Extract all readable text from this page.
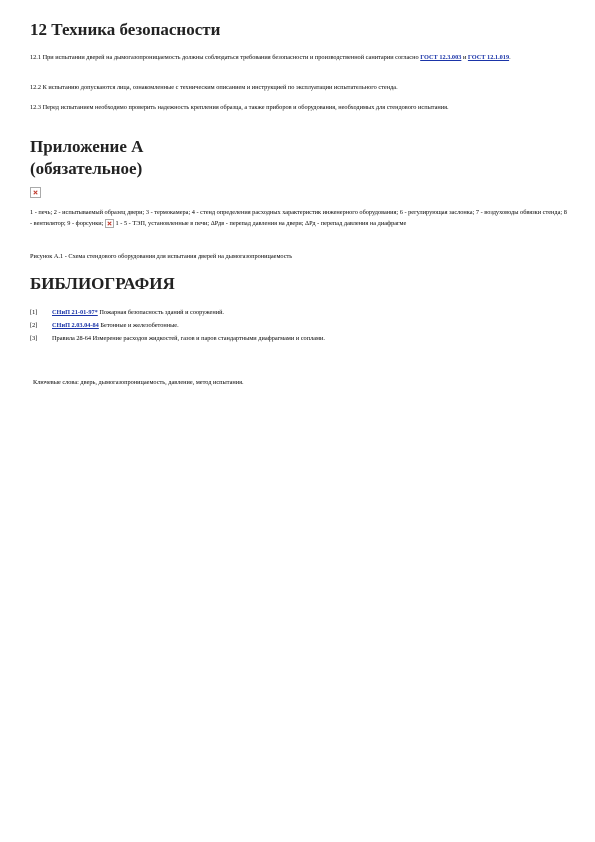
12 Техника безопасности

12.1 При испытании дверей на дымогазопроницаемость должны соблюдаться требования безопасности и производственной санитарии согласно ГОСТ 12.3.003 и ГОСТ 12.1.019.

12.2 К испытанию допускаются лица, ознакомленные с техническим описанием и инструкцией по эксплуатации испытательного стенда.

12.3 Перед испытанием необходимо проверить надежность крепления образца, а также приборов и оборудования, необходимых для стендового испытания.

Приложение А
(обязательное)

1 - печь; 2 - испытываемый образец двери; 3 - термокамера; 4 - стенд определения расходных характеристик инженерного оборудования; 6 - регулирующая заслонка; 7 - воздуховоды обвязки стенда; 8 - вентилятор; 9 - форсунки;  1 - 5 - ТЭП, установленные в печи; ΔРдв - перепад давления на двери; ΔРд - перепад давления на диафрагме

Рисунок А.1 - Схема стендового оборудования для испытания дверей на дымогазопроницаемость

БИБЛИОГРАФИЯ
[1] СНиП 21-01-97* Пожарная безопасность зданий и сооружений.
[2] СНиП 2.03.04-84 Бетонные и железобетонные.
[3] Правила 28-64 Измерение расходов жидкостей, газов и паров стандартными диафрагмами и соплами.

Ключевые слова: дверь, дымогазопроницаемость, давление, метод испытания.
